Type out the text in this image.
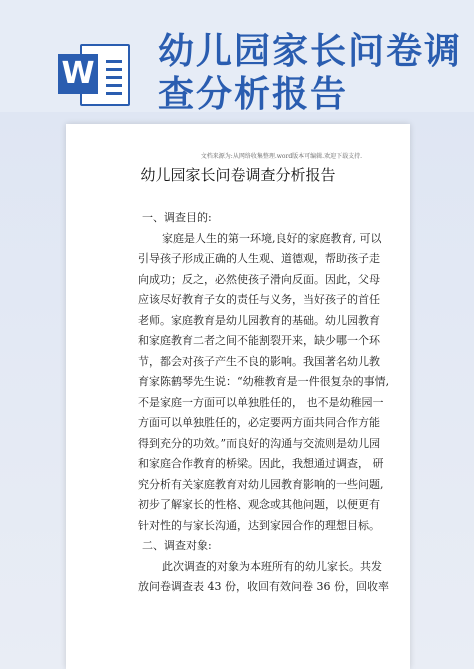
W
幼儿园家长问卷调
查分析报告
文档来源为:从网络收集整理.word版本可编辑.欢迎下载支持.
幼儿园家长问卷调查分析报告
一、调查目的:
家庭是人生的第一环境,良好的家庭教育, 可以
引导孩子形成正确的人生观、道德观，帮助孩子走
向成功；反之，必然使孩子滑向反面。因此，父母
应该尽好教育子女的责任与义务，当好孩子的首任
老师。家庭教育是幼儿园教育的基础。幼儿园教育
和家庭教育二者之间不能割裂开来，缺少哪一个环
节，都会对孩子产生不良的影响。我国著名幼儿教
育家陈鹤琴先生说：“幼稚教育是一件很复杂的事情,
不是家庭一方面可以单独胜任的， 也不是幼稚园一
方面可以单独胜任的，必定要两方面共同合作方能
得到充分的功效。”而良好的沟通与交流则是幼儿园
和家庭合作教育的桥梁。因此，我想通过调查， 研
究分析有关家庭教育对幼儿园教育影响的一些问题,
初步了解家长的性格、观念或其他问题，以便更有
针对性的与家长沟通，达到家园合作的理想目标。
二、调查对象:
此次调查的对象为本班所有的幼儿家长。共发
放问卷调查表 43 份，收回有效问卷 36 份，回收率
